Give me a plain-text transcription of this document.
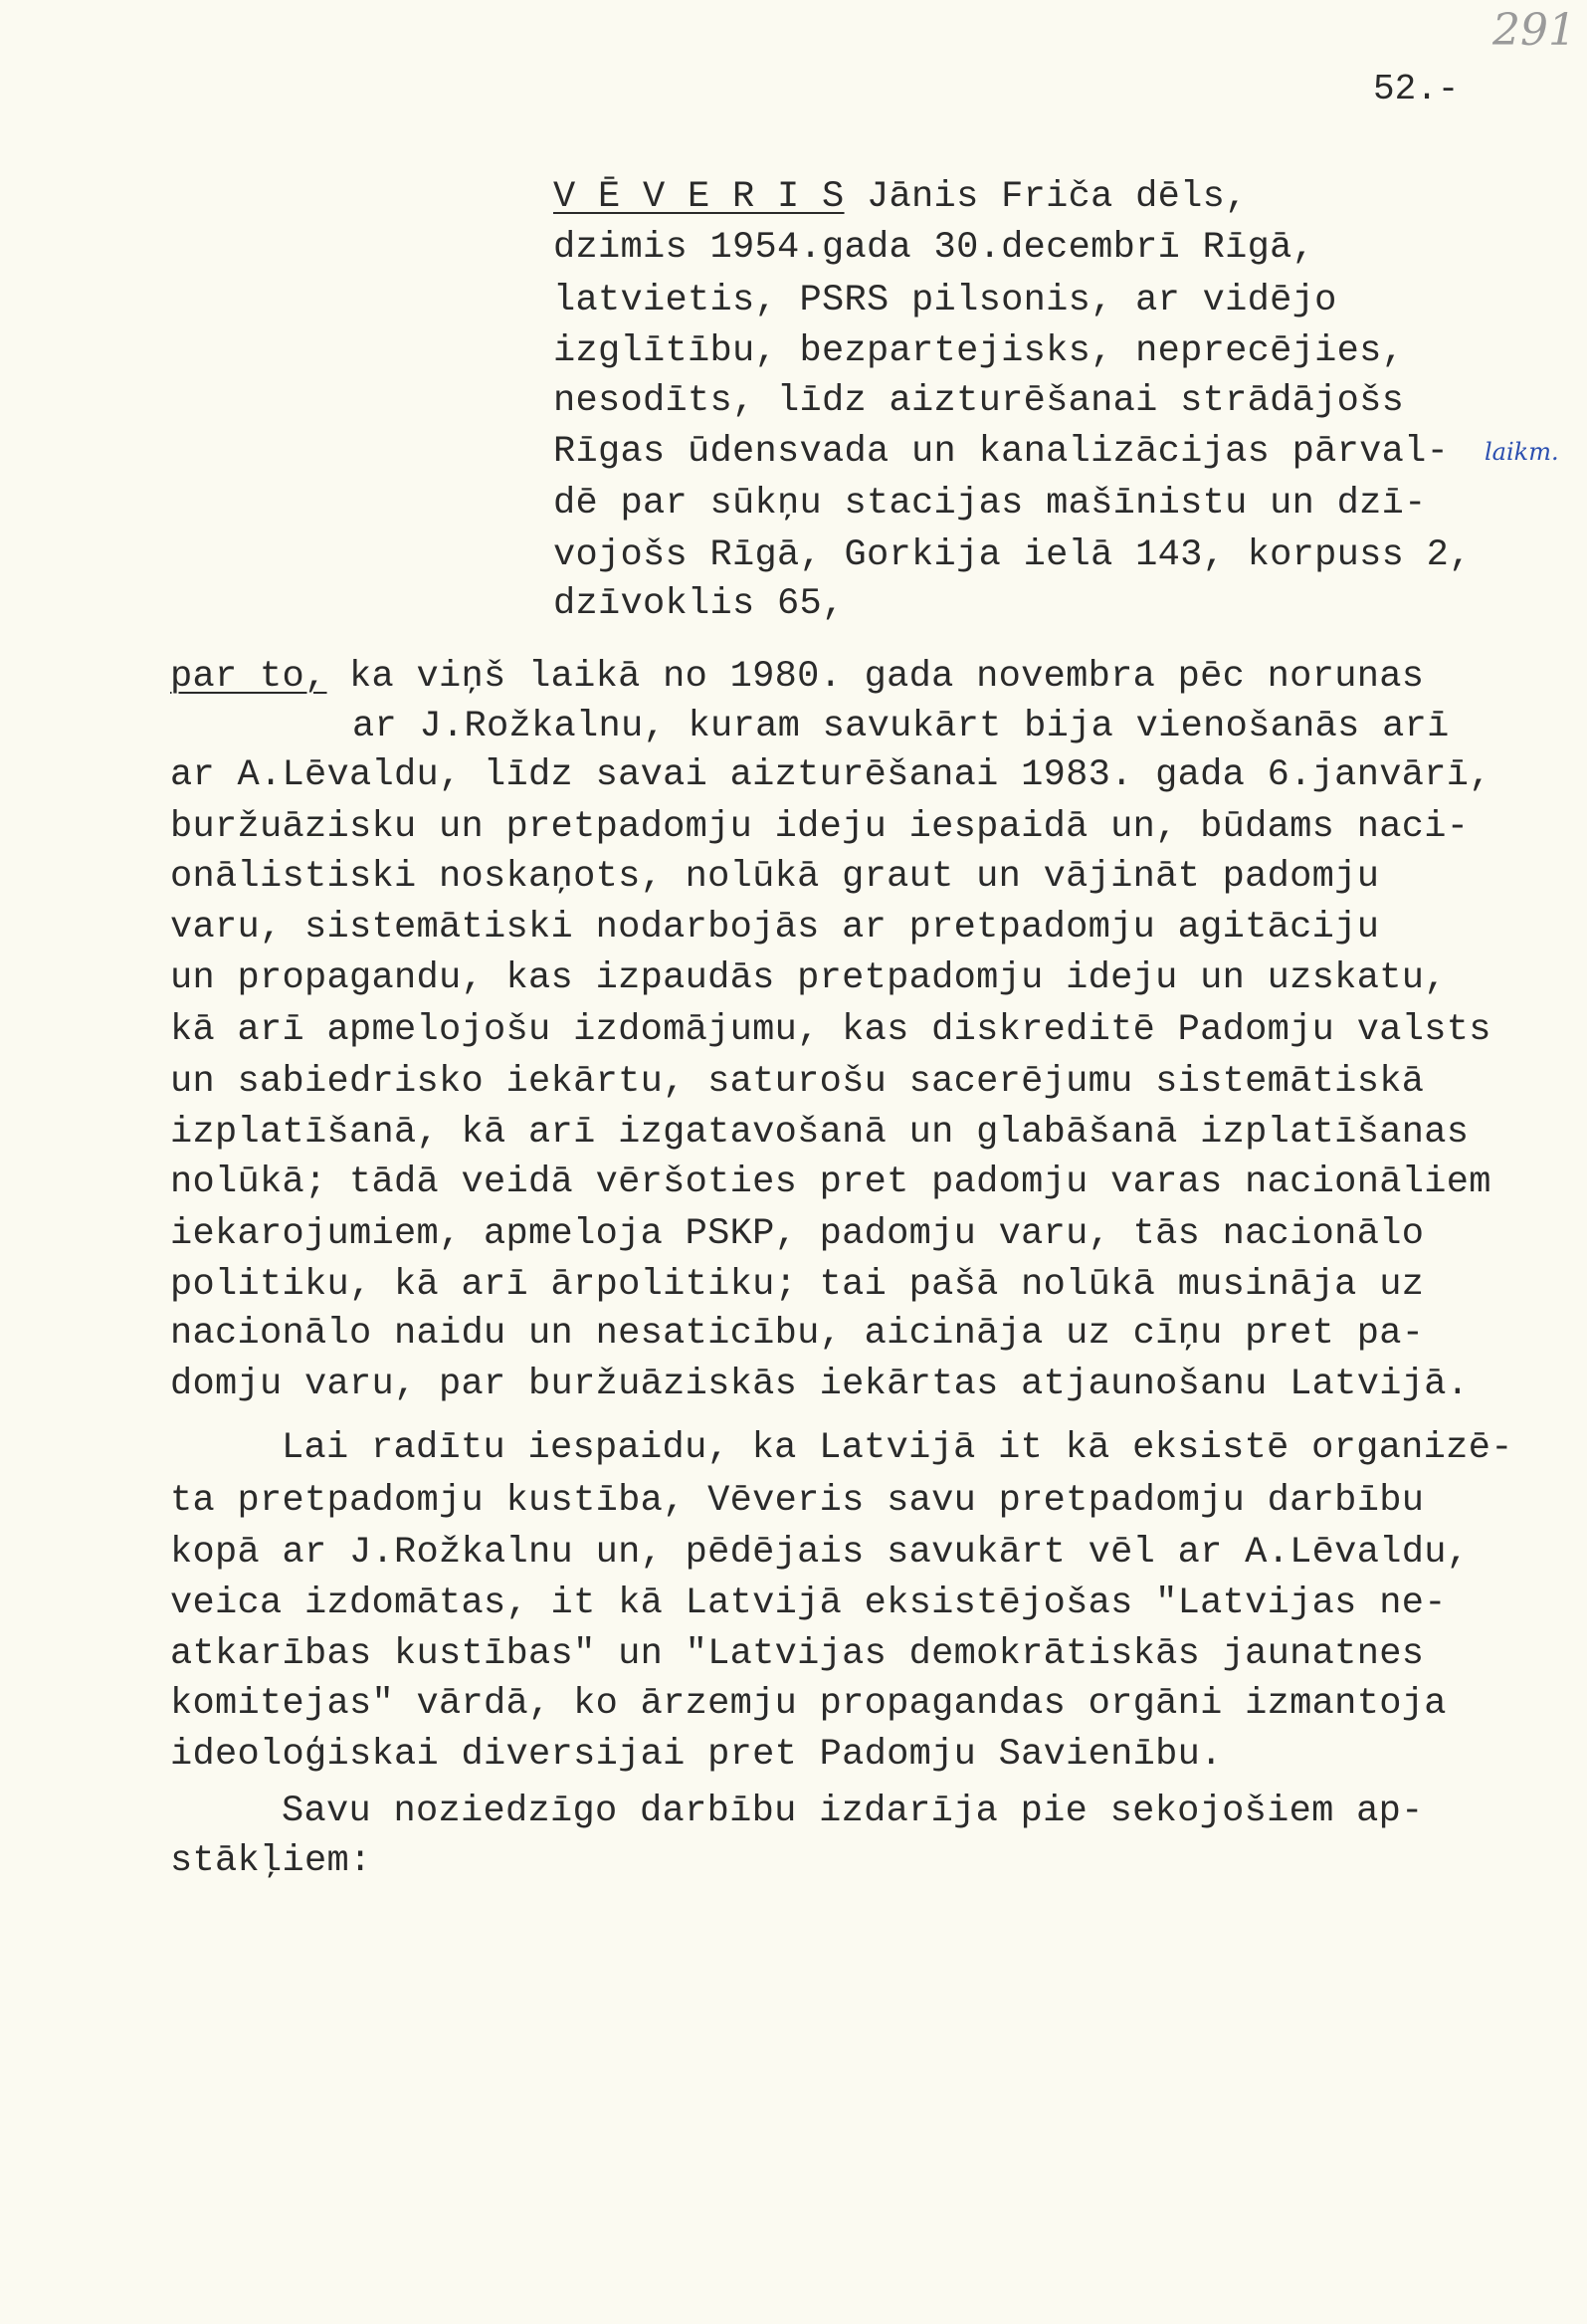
291
52.-
laikm.
V Ē V E R I S Jānis Friča dēls,
dzimis 1954.gada 30.decembrī Rīgā,
latvietis, PSRS pilsonis, ar vidējo
izglītību, bezpartejisks, neprecējies,
nesodīts, līdz aizturēšanai strādājošs
Rīgas ūdensvada un kanalizācijas pārval-
dē par sūkņu stacijas mašīnistu un dzī-
vojošs Rīgā, Gorkija ielā 143, korpuss 2,
dzīvoklis 65,
par to, ka viņš laikā no 1980. gada novembra pēc norunas
ar J.Rožkalnu, kuram savukārt bija vienošanās arī
ar A.Lēvaldu, līdz savai aizturēšanai 1983. gada 6.janvārī,
buržuāzisku un pretpadomju ideju iespaidā un, būdams naci-
onālistiski noskaņots, nolūkā graut un vājināt padomju
varu, sistemātiski nodarbojās ar pretpadomju agitāciju
un propagandu, kas izpaudās pretpadomju ideju un uzskatu,
kā arī apmelojošu izdomājumu, kas diskreditē Padomju valsts
un sabiedrisko iekārtu, saturošu sacerējumu sistemātiskā
izplatīšanā, kā arī izgatavošanā un glabāšanā izplatīšanas
nolūkā; tādā veidā vēršoties pret padomju varas nacionāliem
iekarojumiem, apmeloja PSKP, padomju varu, tās nacionālo
politiku, kā arī ārpolitiku; tai pašā nolūkā musināja uz
nacionālo naidu un nesaticību, aicināja uz cīņu pret pa-
domju varu, par buržuāziskās iekārtas atjaunošanu Latvijā.
Lai radītu iespaidu, ka Latvijā it kā eksistē organizē-
ta pretpadomju kustība, Vēveris savu pretpadomju darbību
kopā ar J.Rožkalnu un, pēdējais savukārt vēl ar A.Lēvaldu,
veica izdomātas, it kā Latvijā eksistējošas "Latvijas ne-
atkarības kustības" un "Latvijas demokrātiskās jaunatnes
komitejas" vārdā, ko ārzemju propagandas orgāni izmantoja
ideoloģiskai diversijai pret Padomju Savienību.
Savu noziedzīgo darbību izdarīja pie sekojošiem ap-
stākļiem:
